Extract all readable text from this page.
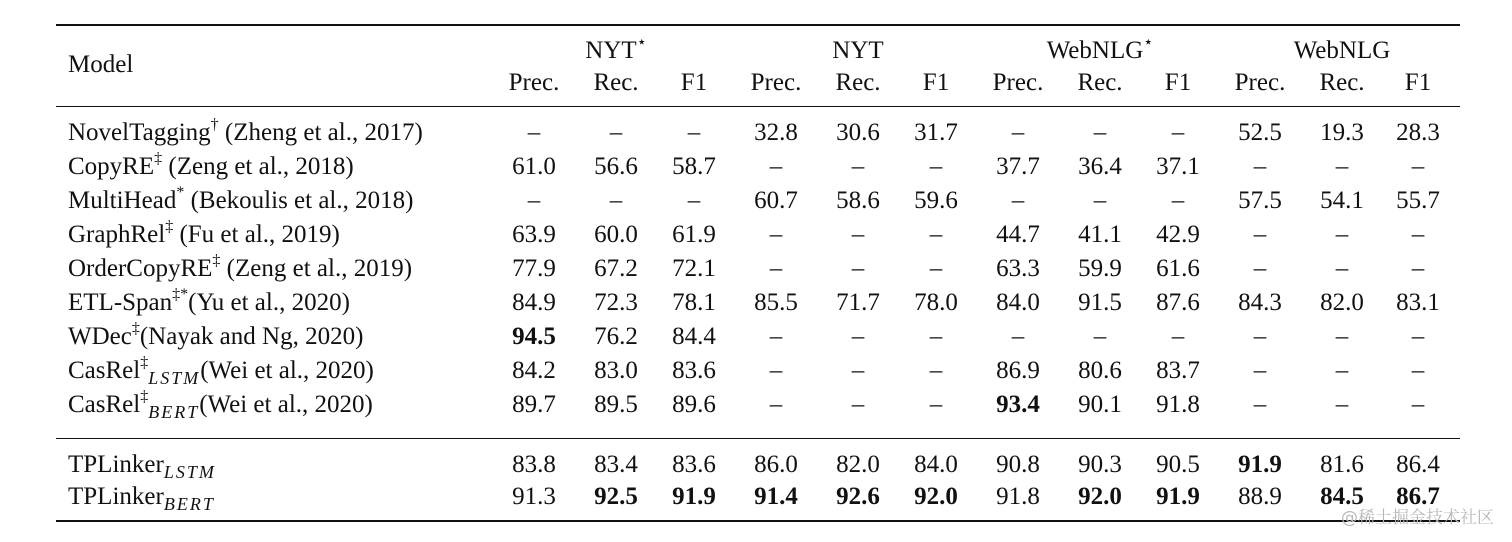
Model
NYT⋆	NYT	WebNLG⋆	WebNLG
Prec.	Rec.	F1	Prec.	Rec.	F1	Prec.	Rec.	F1	Prec.	Rec.	F1
NovelTagging† (Zheng et al., 2017)	–	–	–	32.8	30.6	31.7	–	–	–	52.5	19.3	28.3
CopyRE‡ (Zeng et al., 2018)	61.0	56.6	58.7	–	–	–	37.7	36.4	37.1	–	–	–
MultiHead* (Bekoulis et al., 2018)	–	–	–	60.7	58.6	59.6	–	–	–	57.5	54.1	55.7
GraphRel‡ (Fu et al., 2019)	63.9	60.0	61.9	–	–	–	44.7	41.1	42.9	–	–	–
OrderCopyRE‡ (Zeng et al., 2019)	77.9	67.2	72.1	–	–	–	63.3	59.9	61.6	–	–	–
ETL-Span‡*(Yu et al., 2020)	84.9	72.3	78.1	85.5	71.7	78.0	84.0	91.5	87.6	84.3	82.0	83.1
WDec‡(Nayak and Ng, 2020)	94.5	76.2	84.4	–	–	–	–	–	–	–	–	–
CasRel‡$_{LSTM}$(Wei et al., 2020)	84.2	83.0	83.6	–	–	–	86.9	80.6	83.7	–	–	–
CasRel‡$_{BERT}$(Wei et al., 2020)	89.7	89.5	89.6	–	–	–	93.4	90.1	91.8	–	–	–
TPLinker$_{LSTM}$	83.8	83.4	83.6	86.0	82.0	84.0	90.8	90.3	90.5	91.9	81.6	86.4
TPLinker$_{BERT}$	91.3	92.5	91.9	91.4	92.6	92.0	91.8	92.0	91.9	88.9	84.5	86.7
@稀土掘金技术社区
